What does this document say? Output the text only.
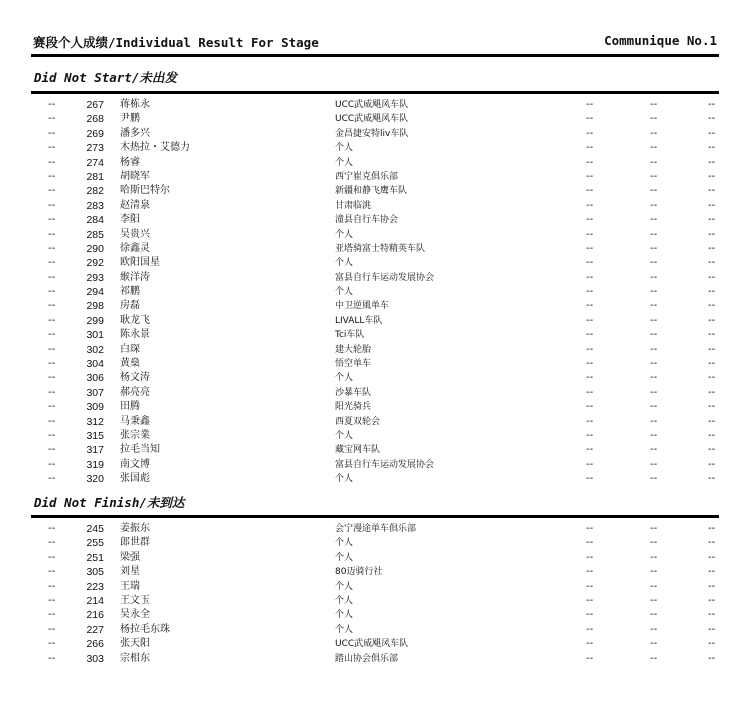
赛段个人成绩/Individual Result For Stage	Communique No.1
Did Not Start/未出发
--	267 蒋栋永	UCC武威飓风车队	--	--	--
--	268 尹鹏	UCC武威飓风车队	--	--	--
--	269 潘多兴	金昌捷安特liv车队	--	--	--
--	273 木热拉・艾德力	个人	--	--	--
--	274 杨睿	个人	--	--	--
--	281 胡晓军	西宁崔克俱乐部	--	--	--
--	282 哈斯巴特尔	新疆和静飞鹰车队	--	--	--
--	283 赵清泉	甘肃临洮	--	--	--
--	284 李阳	潼县自行车协会	--	--	--
--	285 吴贵兴	个人	--	--	--
--	290 徐鑫灵	亚塔骑富士特精英车队	--	--	--
--	292 欧阳国星	个人	--	--	--
--	293 緱洋涛	富县自行车运动发展协会	--	--	--
--	294 祁鹏	个人	--	--	--
--	298 房磊	中卫逆風单车	--	--	--
--	299 耿龙飞	LIVALL车队	--	--	--
--	301 陈永景	Tci车队	--	--	--
--	302 白琛	建大轮胎	--	--	--
--	304 黄燊	悟空单车	--	--	--
--	306 杨文涛	个人	--	--	--
--	307 郝亮亮	沙暴车队	--	--	--
--	309 田腾	阳光骑兵	--	--	--
--	312 马秉鑫	西夏双轮会	--	--	--
--	315 张宗業	个人	--	--	--
--	317 拉毛当知	藏宝网车队	--	--	--
--	319 南文博	富县自行车运动发展协会	--	--	--
--	320 张国彪	个人	--	--	--
Did Not Finish/未到达
--	245 姜振东	会宁漫途单车俱乐部	--	--	--
--	255 郎世群	个人	--	--	--
--	251 梁强	个人	--	--	--
--	305 刘星	80迈骑行社	--	--	--
--	223 王瑞	个人	--	--	--
--	214 王文玉	个人	--	--	--
--	216 吴永全	个人	--	--	--
--	227 杨拉毛东珠	个人	--	--	--
--	266 张天阳	UCC武威飓风车队	--	--	--
--	303 宗相东	踏山协会俱乐部	--	--	--
